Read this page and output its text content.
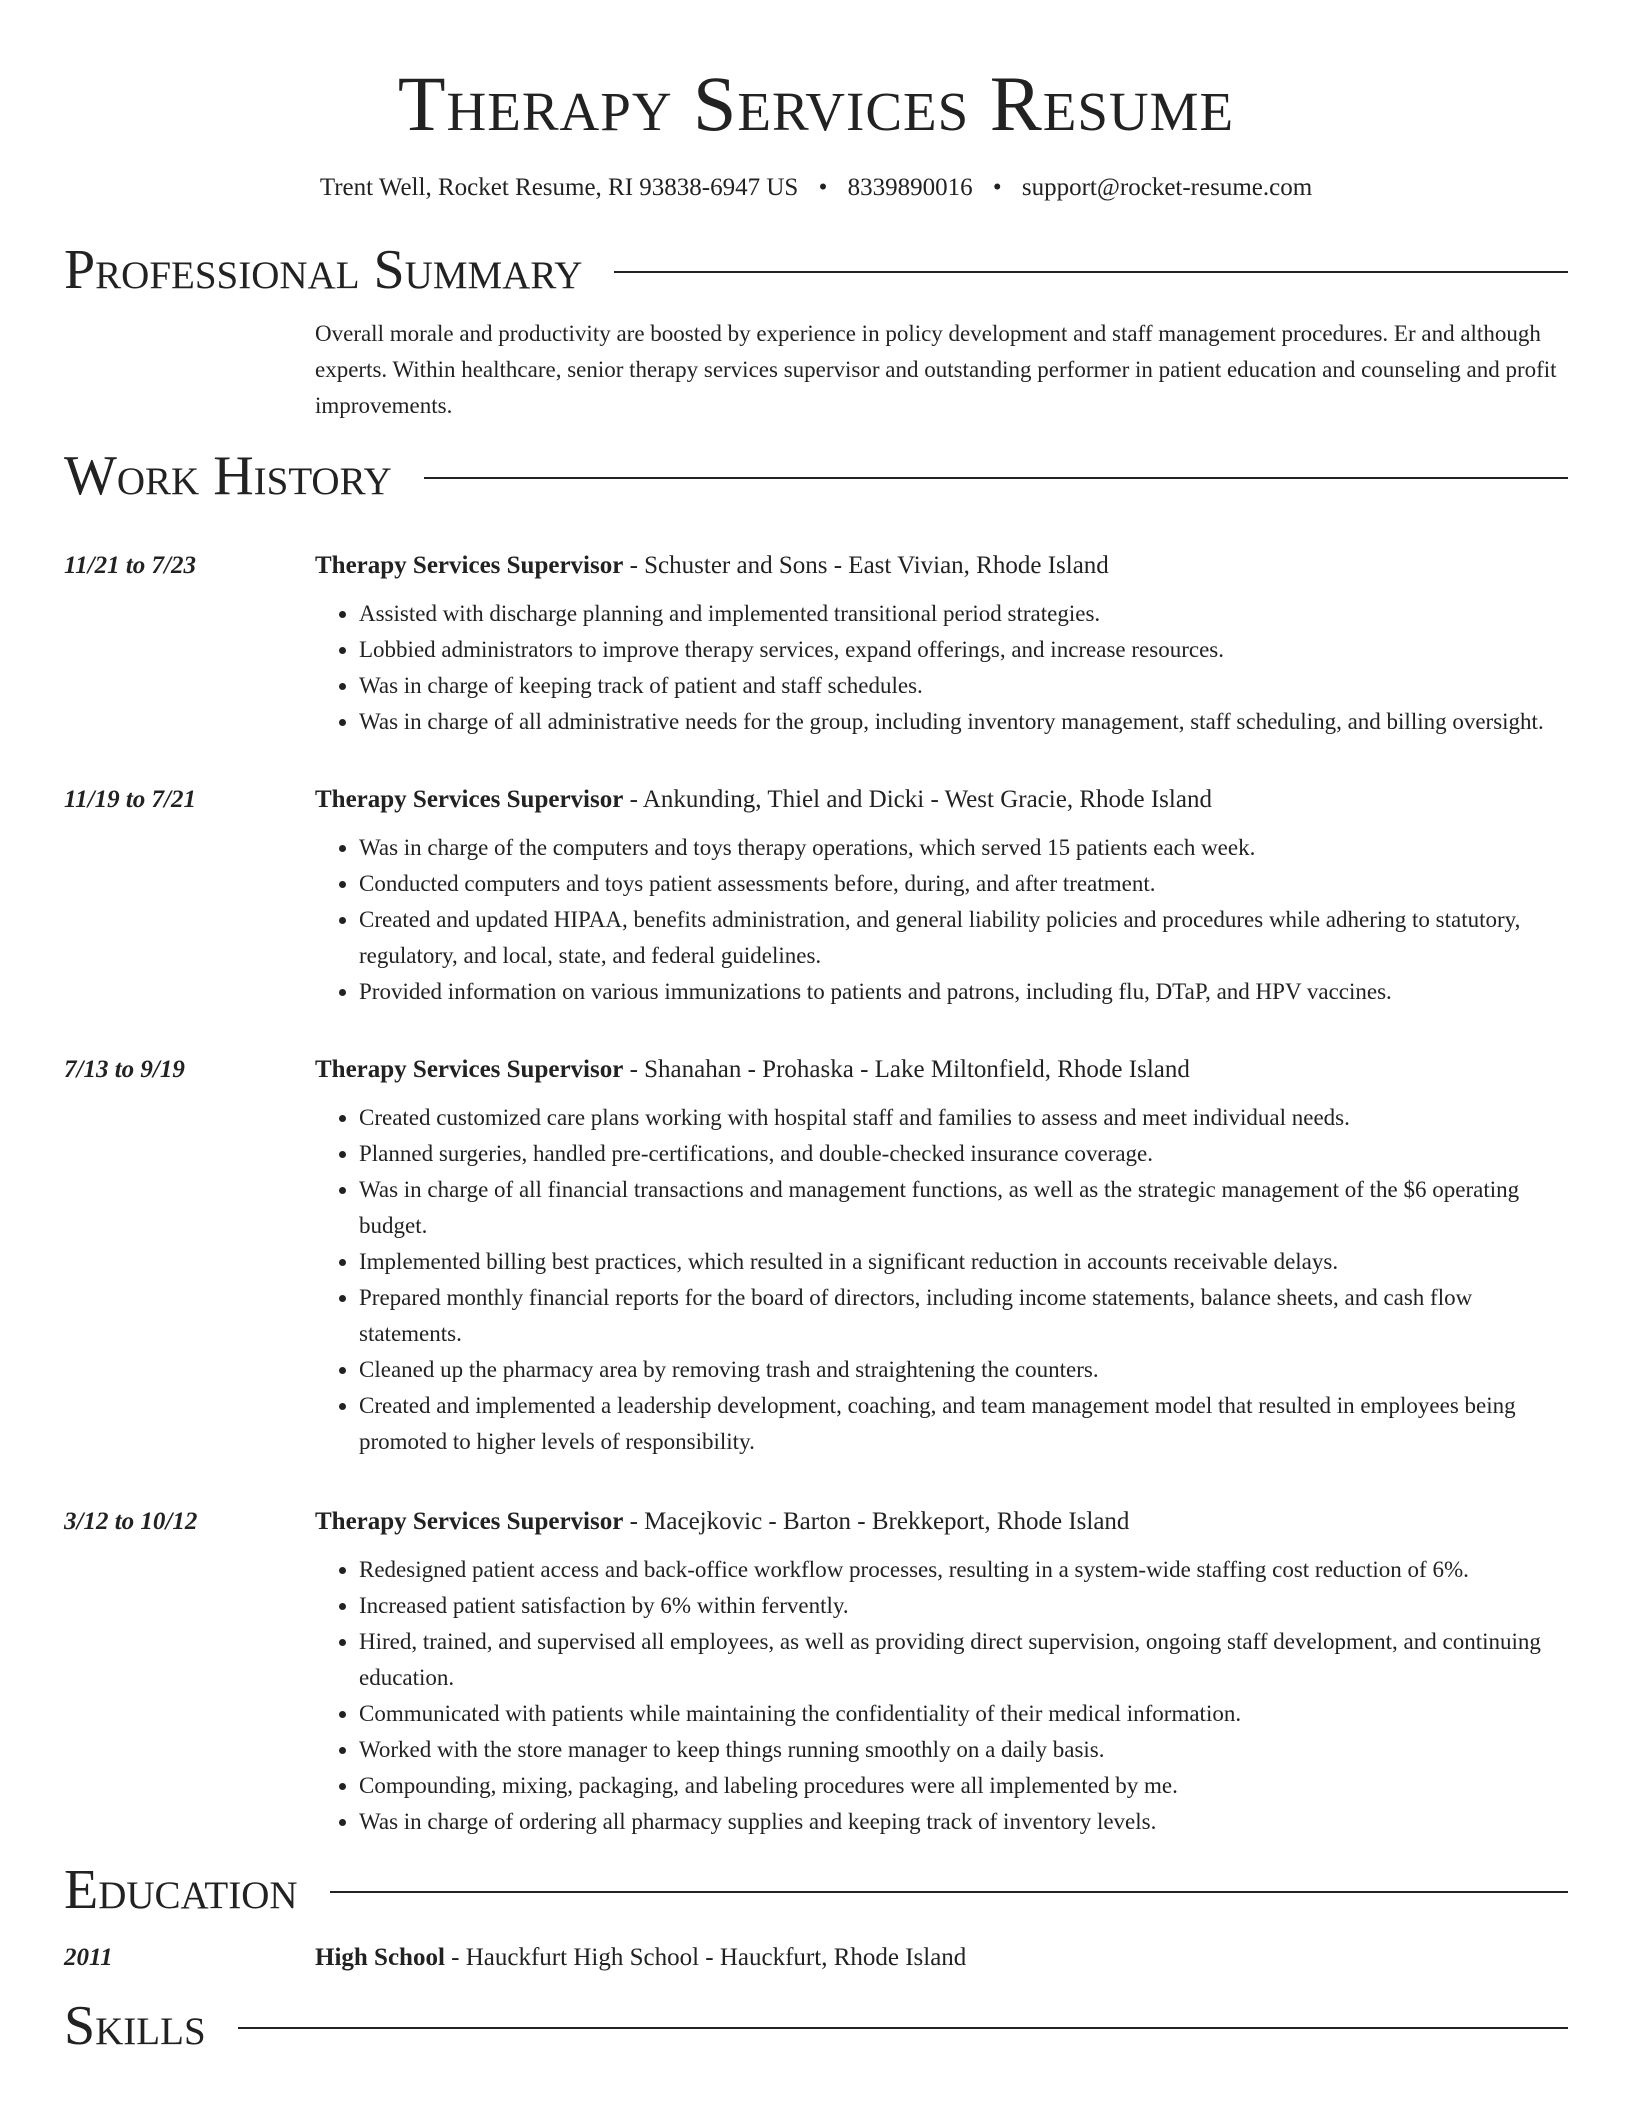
Therapy Services Resume
Trent Well, Rocket Resume, RI 93838-6947 US • 8339890016 • support@rocket-resume.com
Professional Summary
Overall morale and productivity are boosted by experience in policy development and staff management procedures. Er and although experts. Within healthcare, senior therapy services supervisor and outstanding performer in patient education and counseling and profit improvements.
Work History
11/21 to 7/23	Therapy Services Supervisor - Schuster and Sons - East Vivian, Rhode Island
• Assisted with discharge planning and implemented transitional period strategies.
• Lobbied administrators to improve therapy services, expand offerings, and increase resources.
• Was in charge of keeping track of patient and staff schedules.
• Was in charge of all administrative needs for the group, including inventory management, staff scheduling, and billing oversight.
11/19 to 7/21	Therapy Services Supervisor - Ankunding, Thiel and Dicki - West Gracie, Rhode Island
• Was in charge of the computers and toys therapy operations, which served 15 patients each week.
• Conducted computers and toys patient assessments before, during, and after treatment.
• Created and updated HIPAA, benefits administration, and general liability policies and procedures while adhering to statutory, regulatory, and local, state, and federal guidelines.
• Provided information on various immunizations to patients and patrons, including flu, DTaP, and HPV vaccines.
7/13 to 9/19	Therapy Services Supervisor - Shanahan - Prohaska - Lake Miltonfield, Rhode Island
• Created customized care plans working with hospital staff and families to assess and meet individual needs.
• Planned surgeries, handled pre-certifications, and double-checked insurance coverage.
• Was in charge of all financial transactions and management functions, as well as the strategic management of the $6 operating budget.
• Implemented billing best practices, which resulted in a significant reduction in accounts receivable delays.
• Prepared monthly financial reports for the board of directors, including income statements, balance sheets, and cash flow statements.
• Cleaned up the pharmacy area by removing trash and straightening the counters.
• Created and implemented a leadership development, coaching, and team management model that resulted in employees being promoted to higher levels of responsibility.
3/12 to 10/12	Therapy Services Supervisor - Macejkovic - Barton - Brekkeport, Rhode Island
• Redesigned patient access and back-office workflow processes, resulting in a system-wide staffing cost reduction of 6%.
• Increased patient satisfaction by 6% within fervently.
• Hired, trained, and supervised all employees, as well as providing direct supervision, ongoing staff development, and continuing education.
• Communicated with patients while maintaining the confidentiality of their medical information.
• Worked with the store manager to keep things running smoothly on a daily basis.
• Compounding, mixing, packaging, and labeling procedures were all implemented by me.
• Was in charge of ordering all pharmacy supplies and keeping track of inventory levels.
Education
2011	High School - Hauckfurt High School - Hauckfurt, Rhode Island
Skills
